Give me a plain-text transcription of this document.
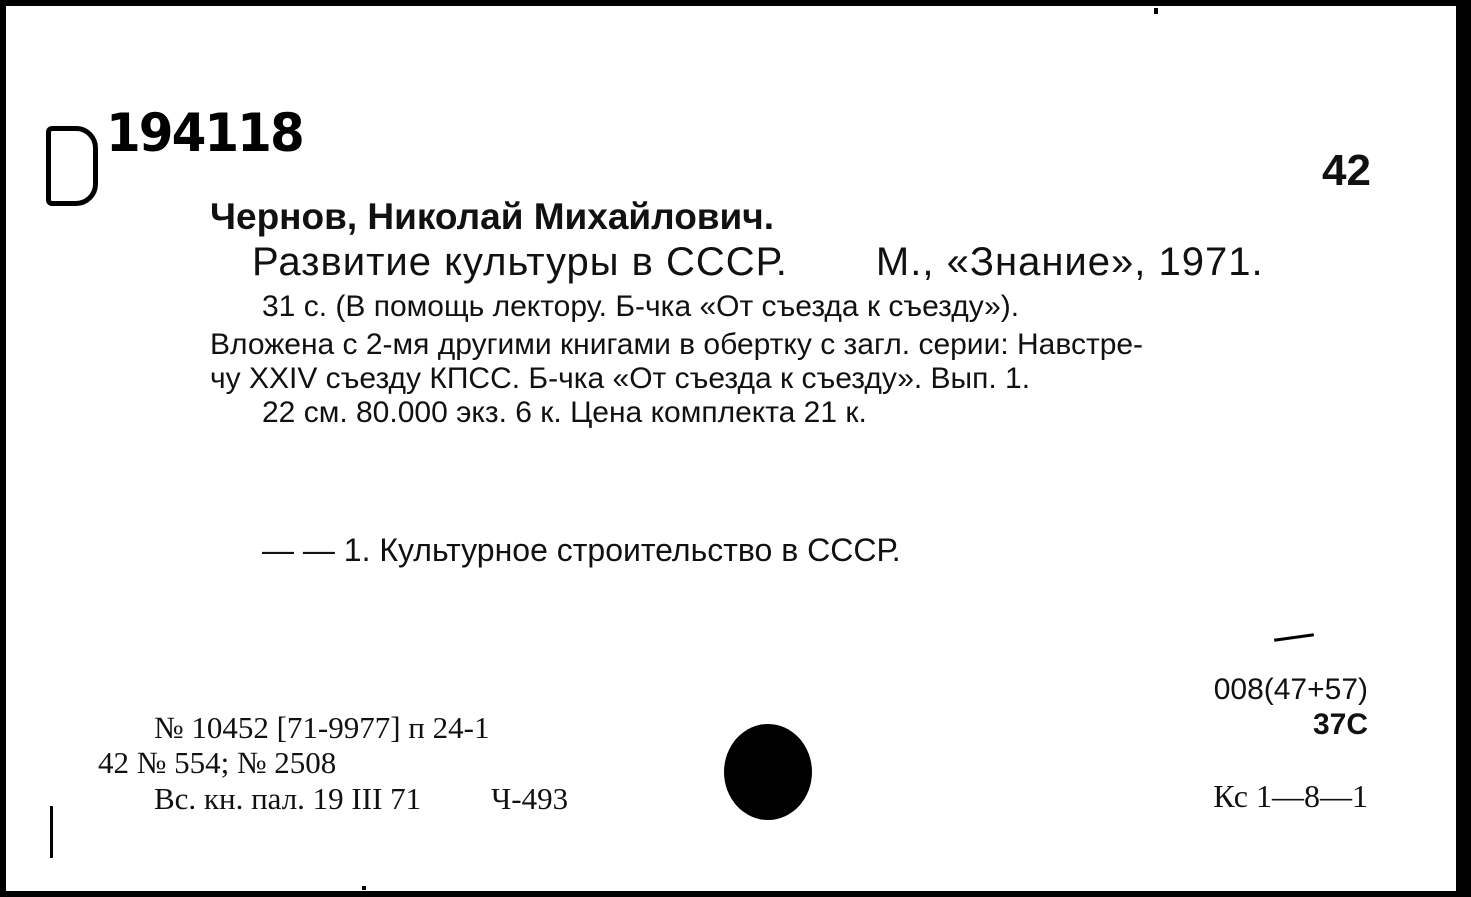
194118
42
Чернов, Николай Михайлович.
Развитие культуры в СССР. М., «Знание», 1971.
31 с. (В помощь лектору. Б-чка «От съезда к съезду»).
Вложена с 2-мя другими книгами в обертку с загл. серии: Навстре-
чу XXIV съезду КПСС. Б-чка «От съезда к съезду». Вып. 1.
22 см. 80.000 экз. 6 к. Цена комплекта 21 к.
— — 1. Культурное строительство в СССР.
№ 10452 [71-9977] п 24-1
42 № 554; № 2508
Вс. кн. пал. 19 III 71 Ч-493
008(47+57)
37С
Кс 1—8—1
